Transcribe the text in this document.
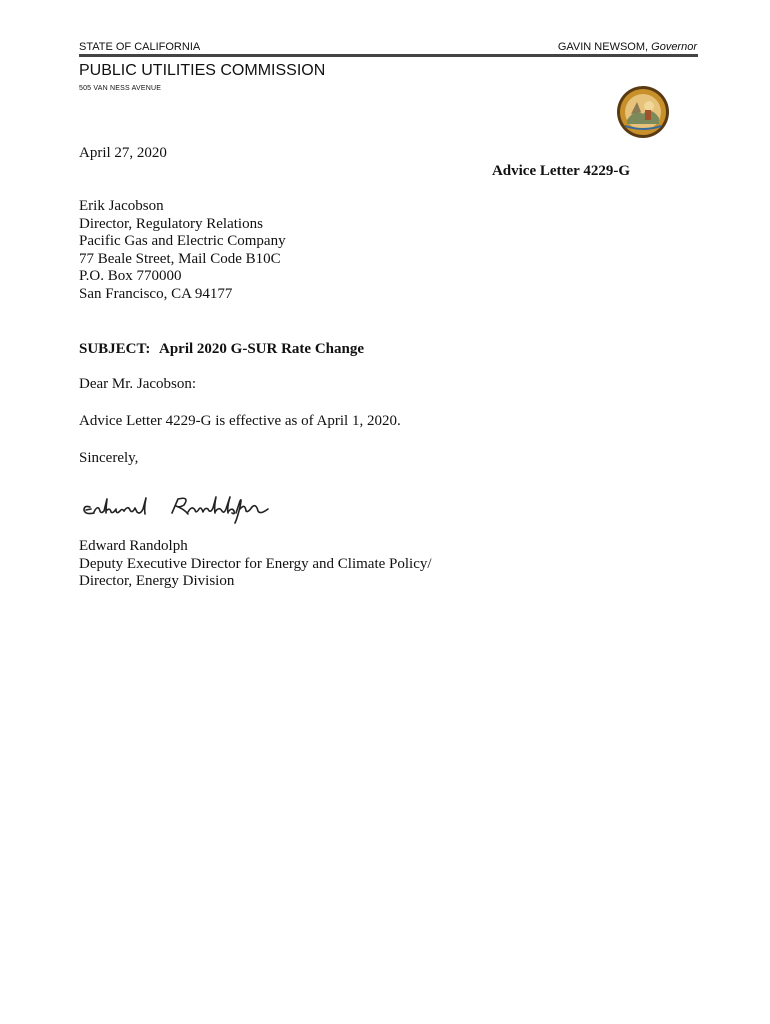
STATE OF CALIFORNIA	GAVIN NEWSOM, Governor
PUBLIC UTILITIES COMMISSION
505 VAN NESS AVENUE
April 27, 2020
Advice Letter 4229-G
Erik Jacobson
Director, Regulatory Relations
Pacific Gas and Electric Company
77 Beale Street, Mail Code B10C
P.O. Box 770000
San Francisco, CA 94177
SUBJECT: April 2020 G-SUR Rate Change
Dear Mr. Jacobson:
Advice Letter 4229-G is effective as of April 1, 2020.
Sincerely,
Edward Randolph
Deputy Executive Director for Energy and Climate Policy/
Director, Energy Division
